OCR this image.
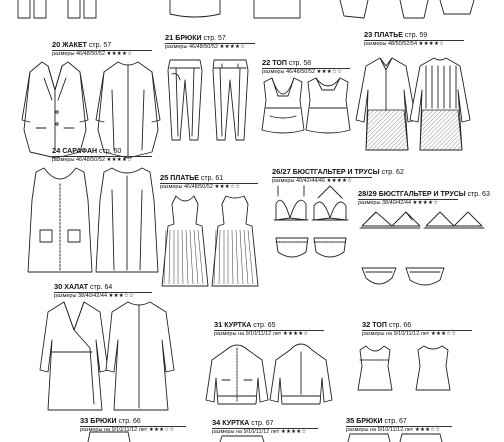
20 ЖАКЕТ стр. 57
размеры 46/48/50/52 ★★★★☆
21 БРЮКИ стр. 57
размеры 46/48/50/52 ★★★★☆
22 ТОП стр. 58
размеры 46/48/50/52 ★★★☆☆
23 ПЛАТЬЕ стр. 59
размеры 48/50/52/54 ★★★★☆
24 САРАФАН стр. 60
размеры 46/48/50/52 ★★★★☆
25 ПЛАТЬЕ стр. 61
размеры 46/48/50/52 ★★★☆☆
26/27 БЮСТГАЛЬТЕР И ТРУСЫ стр. 62
размеры 40/42/44/46 ★★★★☆
28/29 БЮСТГАЛЬТЕР И ТРУСЫ стр. 63
размеры 38/40/42/44 ★★★★☆
30 ХАЛАТ стр. 64
размеры 38/40/42/44 ★★★☆☆
31 КУРТКА стр. 65
размеры на 9/10/11/12 лет ★★★★☆
32 ТОП стр. 66
размеры на 9/10/11/12 лет ★★★☆☆
33 БРЮКИ стр. 66
размеры на 9/10/11/12 лет ★★★☆☆
34 КУРТКА стр. 67
размеры на 9/10/11/12 лет ★★★★☆
35 БРЮКИ стр. 67
размеры на 9/10/11/12 лет ★★★☆☆
